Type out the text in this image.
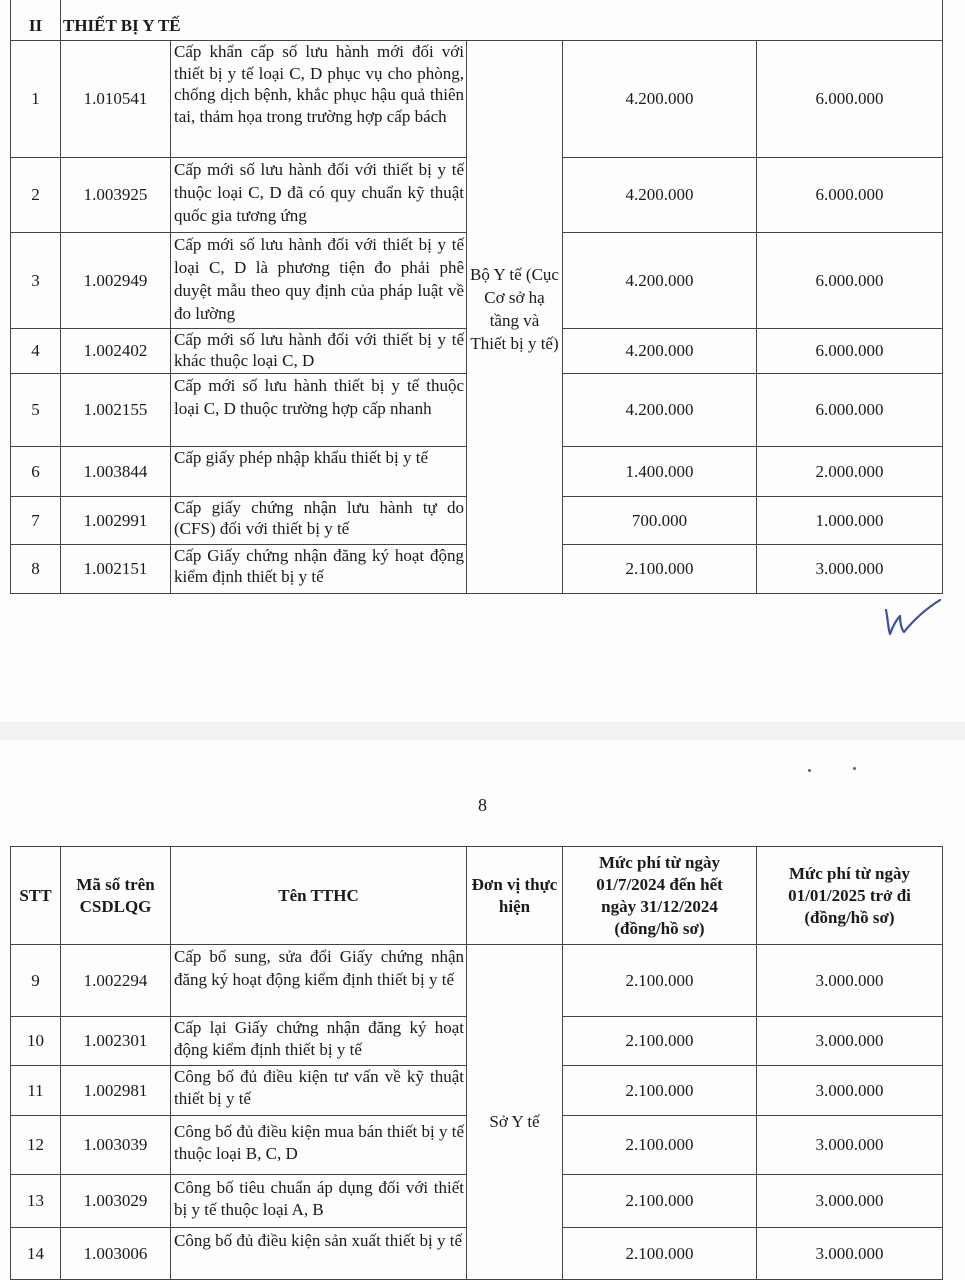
II	THIẾT BỊ Y TẾ				
1	1.010541	Cấp khẩn cấp số lưu hành mới đối với thiết bị y tế loại C, D phục vụ cho phòng, chống dịch bệnh, khắc phục hậu quả thiên tai, thảm họa trong trường hợp cấp bách	Bộ Y tế (Cục Cơ sở hạ tầng và Thiết bị y tế)	4.200.000	6.000.000
2	1.003925	Cấp mới số lưu hành đối với thiết bị y tế thuộc loại C, D đã có quy chuẩn kỹ thuật quốc gia tương ứng		4.200.000	6.000.000
3	1.002949	Cấp mới số lưu hành đối với thiết bị y tế loại C, D là phương tiện đo phải phê duyệt mẫu theo quy định của pháp luật về đo lường		4.200.000	6.000.000
4	1.002402	Cấp mới số lưu hành đối với thiết bị y tế khác thuộc loại C, D		4.200.000	6.000.000
5	1.002155	Cấp mới số lưu hành thiết bị y tế thuộc loại C, D thuộc trường hợp cấp nhanh		4.200.000	6.000.000
6	1.003844	Cấp giấy phép nhập khẩu thiết bị y tế		1.400.000	2.000.000
7	1.002991	Cấp giấy chứng nhận lưu hành tự do (CFS) đối với thiết bị y tế		700.000	1.000.000
8	1.002151	Cấp Giấy chứng nhận đăng ký hoạt động kiểm định thiết bị y tế		2.100.000	3.000.000
8
STT	Mã số trên CSDLQG	Tên TTHC	Đơn vị thực hiện	Mức phí từ ngày 01/7/2024 đến hết ngày 31/12/2024 (đồng/hồ sơ)	Mức phí từ ngày 01/01/2025 trở đi (đồng/hồ sơ)
9	1.002294	Cấp bổ sung, sửa đổi Giấy chứng nhận đăng ký hoạt động kiểm định thiết bị y tế	Sở Y tế	2.100.000	3.000.000
10	1.002301	Cấp lại Giấy chứng nhận đăng ký hoạt động kiểm định thiết bị y tế		2.100.000	3.000.000
11	1.002981	Công bố đủ điều kiện tư vấn về kỹ thuật thiết bị y tế		2.100.000	3.000.000
12	1.003039	Công bố đủ điều kiện mua bán thiết bị y tế thuộc loại B, C, D		2.100.000	3.000.000
13	1.003029	Công bố tiêu chuẩn áp dụng đối với thiết bị y tế thuộc loại A, B		2.100.000	3.000.000
14	1.003006	Công bố đủ điều kiện sản xuất thiết bị y tế		2.100.000	3.000.000
